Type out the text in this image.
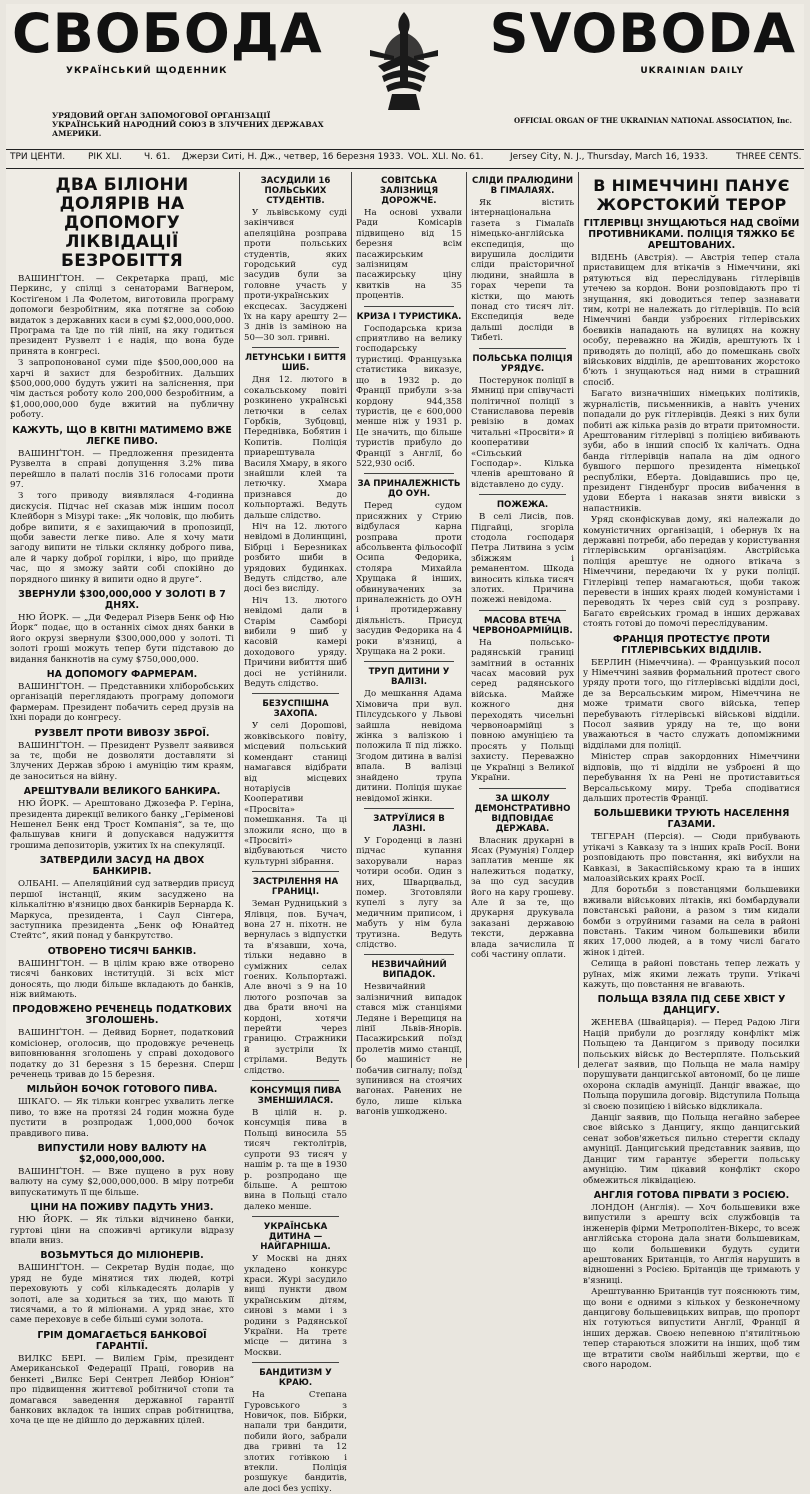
СВОБОДА	SVOBODA
УКРАЇНСЬКИЙ ЩОДЕННИК	UKRAINIAN DAILY
УРЯДОВИЙ ОРГАН ЗАПОМОГОВОЇ ОРГАНІЗАЦІЇ УКРАЇНСЬКИЙ НАРОДНИЙ СОЮЗ В ЗЛУЧЕНИХ ДЕРЖАВАХ АМЕРИКИ.
OFFICIAL ORGAN OF THE UKRAINIAN NATIONAL ASSOCIATION, Inc.
ТРИ ЦЕНТИ.	РІК XLI. Ч. 61. Джерзи Ситі, Н. Дж., четвер, 16 березня 1933. VOL. XLI. No. 61.	Jersey City, N. J., Thursday, March 16, 1933.	THREE CENTS.
ДВА БІЛІОНИ ДОЛЯРІВ НА ДОПОМОГУ ЛІКВІДАЦІЇ БЕЗРОБІТТЯ

ВАШИНҐТОН. — Секретарка праці, міс Перкинс, у спілці з сенаторами Вагнером, Костіґеном і Ла Фолетом, виготовила програму допомоги безробітним, яка потягне за собою видаток з державних каси в сумі $2,000,000,000. Програма та їде по тій лінії, на яку годиться президент Рузвелт і є надія, що вона буде принята в конгресі.

З запропонованої суми піде $500,000,000 на харчі й захист для безробітних. Дальших $500,000,000 будуть ужиті на заліснення, при чім дасться роботу коло 200,000 безробітним, а $1,000,000,000 буде вжитий на публичну роботу.

КАЖУТЬ, ЩО В КВІТНІ МАТИМЕМО ВЖЕ ЛЕГКЕ ПИВО.

ВАШИНҐТОН. — Предложення президента Рузвелта в справі допущення 3.2% пива перейшло в палаті послів 316 голосами проти 97.

З того приводу виявлялася 4-годинна дискусія. Підчас неї сказав між іншим посол Клейборн з Мізурі таке: „Як чоловік, що любить добре випити, я є захищаючий в пропозиції, щоби завести легке пиво. Але я хочу мати загоду випити не тільки склянку доброго пива, але й чарку доброї горілки, і віро, що прийде час, що я зможу зайти собі спокійно до порядного шинку й випити одно й друге“.

ЗВЕРНУЛИ $300,000,000 У ЗОЛОТІ В 7 ДНЯХ.

НЮ ЙОРК. — „Ди Федерал Різерв Бенк оф Ню Йорк“ подає, що в останніх сімох днях банки в його окрузі звернули $300,000,000 у золоті. Ті золоті гроші можуть тепер бути підставою до видання банкнотів на суму $750,000,000.

НА ДОПОМОГУ ФАРМЕРАМ.

ВАШИНҐТОН. — Представники хліборобських організацій переглядають програму допомоги фармерам. Президент побачить серед друзів на їхні поради до конгресу.

РУЗВЕЛТ ПРОТИ ВИВОЗУ ЗБРОЇ.

ВАШИНҐТОН. — Президент Рузвелт заявився за тє, щоби не дозволяти доставляти зі Злучених Держав зброю і амуніцію тим краям, де заноситься на війну.

АРЕШТУВАЛИ ВЕЛИКОГО БАНКИРА.

НЮ ЙОРК. — Арештовано Джозефа Р. Геріна, президента дирекції великого банку „Геріменові Нешенел Бенк енд Трост Компанія“, за те, що фальшував книги й допускався надужиття грошима депозиторів, ужитих їх на спекуляції.

ЗАТВЕРДИЛИ ЗАСУД НА ДВОХ БАНКИРІВ.

ОЛБАНІ. — Апеляційний суд затвердив присуд першої інстанції, яким засуджено на кількалітню в'язницю двох банкирів Бернарда К. Маркуса, президента, і Саул Сінгера, заступника президента „Бенк оф Юнайтед Стейтс“, який понад у банкрутство.

ОТВОРЕНО ТИСЯЧІ БАНКІВ.

ВАШИНҐТОН. — В цілім краю вже отворено тисячі банкових інституцій. Зі всіх міст доносять, що люди більше вкладають до банків, ніж виймають.

ПРОДОВЖЕНО РЕЧЕНЕЦЬ ПОДАТКОВИХ ЗГОЛОШЕНЬ.

ВАШИНҐТОН. — Дейвид Борнет, податковий комісіонер, оголосив, що продовжує реченець виповнювання зголошень у справі доходового податку до 31 березня з 15 березня. Сперш реченець тривав до 15 березня.

МІЛЬЙОН БОЧОК ГОТОВОГО ПИВА.

ШІКАГО. — Як тільки конгрес ухвалить легке пиво, то вже на протязі 24 годин можна буде пустити в розпродаж 1,000,000 бочок правдивого пива.

ВИПУСТИЛИ НОВУ ВАЛЮТУ НА $2,000,000,000.

ВАШИНҐТОН. — Вже пущено в рух нову валюту на суму $2,000,000,000. В міру потреби випускатимуть її ще більше.

ЦІНИ НА ПОЖИВУ ПАДУТЬ УНИЗ.

НЮ ЙОРК. — Як тільки відчинено банки, гуртові ціни на споживчі артикули відразу впали вниз.

ВОЗЬМУТЬСЯ ДО МІЛІОНЕРІВ.

ВАШИНҐТОН. — Секретар Вудін подає, що уряд не буде мінятися тих людей, котрі переховують у собі кількадесять доларів у золоті, але за ходиться за тих, що мають її тисячами, а то й міліонами. А уряд знає, хто саме переховує в себе більші суми золота.

ГРІМ ДОМАГАЄТЬСЯ БАНКОВОЇ ГАРАНТІЇ.

ВИЛКС БЕРІ. — Вилієм Грім, президент Американської Федерації Праці, говорив на бенкеті „Вилкс Бері Сентрел Лейбор Юніон“ про підвищення життєвої робітничої стопи та домагався заведення державної гарантії банкових вкладок та інших справ робітництва, хоча це ще не дійшло до державних цілей.

ЗАСУДИЛИ 16 ПОЛЬСЬКИХ СТУДЕНТІВ.

У львівському суді закінчився апеляційна розправа проти польських студентів, яких городський суд засудив були за головне участь у проти-українських ексцесах. Засуджені їх на кару арешту 2—3 днів із заміною на 50—30 зол. гривні.

ЛЕТУНСЬКИ І БИТТЯ ШИБ.

Дня 12. лютого в сокальському повіті розкинено українські летючки в селах Горбків, Зубцовці, Переднівка, Бобятин і Копитів. Поліція приарештувала Василя Хмару, в якого знайшли клей та летючку. Хмара признався до кольпортажі. Ведуть дальше слідство.

Ніч на 12. лютого невідомі в Долинщині, Бібрці і Березниках розбито шиби в урядових будинках. Ведуть слідство, але досі без висліду.

Ніч 13. лютого невідомі дали в Старім Самборі вибили 9 шиб у касовій камері доходового уряду. Причини вибиття шиб досі не устійнили. Ведуть слідство.

БЕЗУСПІШНА ЗАХОПА.

У селі Дорошові, жовківського повіту, місцевий польський комендант станиці намагався відібрати від місцевих нотаріусів Кооперативи «Просвіта» помешкання. Та ці зложили ясно, що в «Просвіті» відбуваються чисто культурні зібрання.

ЗАСТРІЛЕННЯ НА ГРАНИЦІ.

Земан Рудницький з Ялівця, пов. Бучач, вона 27 н. піхотн. не вернулась з відпустки та в'язавши, хоча, тільки недавно в суміжних селах гоєних. Кольпортажі. Але вночі з 9 на 10 лютого розпочав за два брати вночі на кордоні, хотячи перейти через границю. Стражники й зустріли їх стрілами. Ведуть слідство.

КОНСУМЦІЯ ПИВА ЗМЕНШИЛАСЯ.

В цілій н. р. консумція пива в Польщі виносила 55 тисяч гектолітрів, супроти 93 тисяч у нашім р. та ще в 1930 р. розпродано ще більше. А рештою вина в Польщі стало далеко менше.

УКРАЇНСЬКА ДИТИНА — НАЙГАРНІША.

У Москві на днях укладено конкурс краси. Журі засудило вищі пункти двом українським дітям, синові з мами і з родини з Радянської України. На третє місце — дитина з Москви.

БАНДИТИЗМ У КРАЮ.

На Степана Гуровського з Новичок, пов. Бібрки, напали три бандити, побили його, забрали два гривні та 12 злотих готівкою і втекли. Поліція розшукує бандитів, але досі без успіху.

СОВІТСЬКА ЗАЛІЗНИЦЯ ДОРОЖЧЕ.

На основі ухвали Ради Комісарів підвищено від 15 березня всім пасажирським залізницям пасажирську ціну квитків на 35 процентів.

КРИЗА І ТУРИСТИКА.

Господарська криза сприятливо на велику господарську туристиці. Французька статистика виказує, що в 1932 р. до Франції прибули з-за кордону 944,358 туристів, це є 600,000 менше ніж у 1931 р. Це значить, що більше туристів прибуло до Франції з Англії, бо 522,930 осіб.

ЗА ПРИНАЛЕЖНІСТЬ ДО ОУН.

Перед судом присяжних у Стрию відбулася карна розправа проти абсольвента фільософії Осипа Федорика, столяра Михайла Хрущака й інших, обвинувачених за приналежність до ОУН і протидержавну діяльність. Присуд засудив Федорика на 4 роки в'язниці, а Хрущака на 2 роки.

ТРУП ДИТИНИ У ВАЛІЗІ.

До мешкання Адама Хімовича при вул. Пілсудського у Львові зайшла невідома жінка з валізкою і положила її під ліжко. Згодом дитина в валізі впала. В валізці знайдено трупа дитини. Поліція шукає невідомої жінки.

ЗАТРУЇЛИСЯ В ЛАЗНІ.

У Городенці в лазні підчас купання захорували нараз чотири особи. Один з них, Шварцвальд, помер. Зготовляли купелі з лугу за медичним приписом, і мабуть у нім була трутизна. Ведуть слідство.

НЕЗВИЧАЙНИЙ ВИПАДОК.

Незвичайний залізничний випадок стався між станціями Ледяне і Верещиця на лінії Львів-Янорів. Пасажирський поїзд пролетів мимо станції, бо машиніст не побачив сигналу; поїзд зупинився на стоячих вагонах. Ранених не було, лише кілька вагонів ушкоджено.

СЛІДИ ПРАЛЮДИНИ В ГІМАЛАЯХ.

Як вістить інтернаціональна газета з Гімалаїв німецько-англійська експедиція, що вирушила дослідити сліди праісторичної людини, знайшла в горах черепи та кістки, що мають понад сто тисяч літ. Експедиція веде дальші досліди в Тибеті.

ПОЛЬСЬКА ПОЛІЦІЯ УРЯДУЄ.

Постерунок поліції в Ямниці при співучасті політичної поліції з Станиславова перевів ревізію в домах читальні «Просвіти» й кооперативи «Сільський Господар». Кілька членів арештовано й відставлено до суду.

ПОЖЕЖА.

В селі Лисів, пов. Підгайці, згоріла стодола господаря Петра Литвина з усім збіжжям і реманентом. Шкода виносить кілька тисяч злотих. Причина пожежі невідома.

МАСОВА ВТЕЧА ЧЕРВОНОАРМІЙЦІВ.

На польсько-радянській границі замітний в останніх часах масовий рух серед радянського війська. Майже кожного дня переходять чисельні червоноармійці з повною амуніцією та просять у Польщі захисту. Переважно це Українці з Великої України.

ЗА ШКОЛУ ДЕМОНСТРАТИВНО ВІДПОВІДАЄ ДЕРЖАВА.

Власник друкарні в Ясах (Румунія) Голдер заплатив менше як належиться податку, за що суд засудив його на кару грошеву. Але й за те, що друкарня друкувала заказані державою тексти, державна влада зачислила її собі частину оплати.

В НІМЕЧЧИНІ ПАНУЄ ЖОРСТОКИЙ ТЕРОР
ГІТЛЕРІВЦІ ЗНУЩАЮТЬСЯ НАД СВОЇМИ ПРОТИВНИКАМИ. ПОЛІЦІЯ ТЯЖКО БЄ АРЕШТОВАНИХ.

ВІДЕНЬ (Австрія). — Австрія тепер стала приставищем для втікачів з Німеччини, які рятуються від переслідувань гітлерівців утечею за кордон. Вони розповідають про ті знущання, які доводиться тепер зазнавати тим, котрі не належать до гітлерівців. По всій Німеччині банди узброєних гітлерівських боєвиків нападають на вулицях на кожну особу, переважно на Жидів, арештують їх і приводять до поліції, або до помешкань своїх військових відділів, де арештованих жорстоко б'ють і знущаються над ними в страшний спосіб.

Багато визначніших німецьких політиків, журналістів, письменників, а навіть учених попадали до рук гітлерівців. Деякі з них були побиті аж кілька разів до втрати притомности. Арештованим гітлерівці з поліцією вибивають зуби, або в інший спосіб їх калічать. Одна банда гітлерівців напала на дім одного бувшого першого президента німецької республіки, Еберта. Довідавшись про це, президент Гінденбург просив вибачення в удови Еберта і наказав зняти вивіски з напастників.

Уряд сконфіскував дому, які належали до комуністичних організацій, і обернув їх на державні потреби, або передав у користування гітлерівським організаціям. Австрійська поліція арештує не одного втікача з Німеччини, передаючи їх у руки поліції. Гітлерівці тепер намагаються, щоби також перевести в інших краях людей комуністами і переводять їх через свій суд з розправу. Багато єврейських громад в інших державах стоять готові до помочі переслідуваним.

ФРАНЦІЯ ПРОТЕСТУЄ ПРОТИ ГІТЛЕРІВСЬКИХ ВІДДІЛІВ.

БЕРЛИН (Німеччина). — Французький посол у Німеччині заявив формальний протест свого уряду проти того, що гітлерівські відділи досі, де за Версальським миром, Німеччина не може тримати свого війська, тепер перебувають гітлерівські військові відділи. Посол заявив уряду на те, що вони уважаються в часто служать допоміжними відділами для поліції.

Міністер справ закордонних Німеччини відповів, що ті відділи не узброєні й що перебування їх на Рені не протиставиться Версальському миру. Треба сподіватися дальших протестів Франції.

БОЛЬШЕВИКИ ТРУЮТЬ НАСЕЛЕННЯ ГАЗАМИ.

ТЕГЕРАН (Персія). — Сюди прибувають утікачі з Кавказу та з інших країв Росії. Вони розповідають про повстання, які вибухли на Кавказі, в Закаспійському краю та в інших малоазійських краях Росії.

Для боротьби з повстанцями большевики вживали військових літаків, які бомбардували повстанські райони, а разом з тим кидали бомби з отруйними газами на села в районі повстань. Таким чином большевики вбили яких 17,000 людей, а в тому числі багато жінок і дітей.

Селища в районі повстань тепер лежать у руїнах, між якими лежать трупи. Утікачі кажуть, що повстання не вгавають.

ПОЛЬЩА ВЗЯЛА ПІД СЕБЕ ХВІСТ У ДАНЦИГУ.

ЖЕНЕВА (Швайцарія). — Перед Радою Ліги Націй прибули до розгляду конфлікт між Польщею та Данцигом з приводу посилки польських військ до Вестерпляте. Польський делегат заявив, що Польща не мала наміру порушувати данцигської автономії, бо це лише охорона складів амуніції. Данціг вважає, що Польща порушила договір. Відступила Польща зі своєю позицією і військо відкликала.

Данціг заявив, що Польща негайно заберее своє військо з Данцигу, якщо данцигський сенат зобов'яжеться пильно стерегти складу амуніції. Данцигський представник заявив, що Данциг тим гарантує зберегти польську амуніцію. Тим цікавий конфлікт скоро обмежиться ліквідацією.

АНГЛІЯ ГОТОВА ПІРВАТИ З РОСІЄЮ.

ЛОНДОН (Англія). — Хоч большевики вже випустили з арешту всіх службовців та інженерів фірми Метрополітен-Вікерс, то всеж англійська сторона дала знати большевикам, що коли большевики будуть судити арештованих Британців, то Англія нарушить в відношенні з Росією. Брітанців ще тримають у в'язниці.

Арештуванню Британців тут пояснюють тим, що вони є одними з кількох у безконечному данцигову большевицьких виправ, що пропорт ніх готуються випустити Англії, Франції й інших держав. Своєю непевною п'ятилітньою тепер стараються зложити на інших, щоб тим ще втратити своїм найбільші жертви, що є свого народом.
